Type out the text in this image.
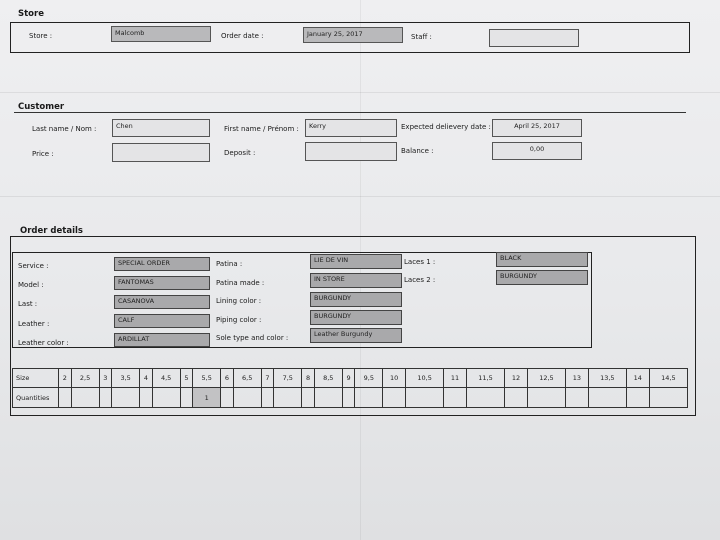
Store
Store :	Malcomb	Order date :	January 25, 2017	Staff :
Customer
Last name / Nom :	Chen	First name / Prénom :	Kerry	Expected delievery date :	April 25, 2017
Price :	Deposit :	Balance :	0,00
Order details
Service :	SPECIAL ORDER
Model :	FANTOMAS
Last :	CASANOVA
Leather :	CALF
Leather color :	ARDILLAT
Patina :	LIE DE VIN
Patina made :	IN STORE
Lining color :	BURGUNDY
Piping color :	BURGUNDY
Sole type and color :	Leather Burgundy
Laces 1 :	BLACK
Laces 2 :	BURGUNDY
Size	2	2,5	3	3,5	4	4,5	5	5,5	6	6,5	7	7,5	8	8,5	9	9,5	10	10,5	11	11,5	12	12,5	13	13,5	14	14,5
Quantities								1																		
